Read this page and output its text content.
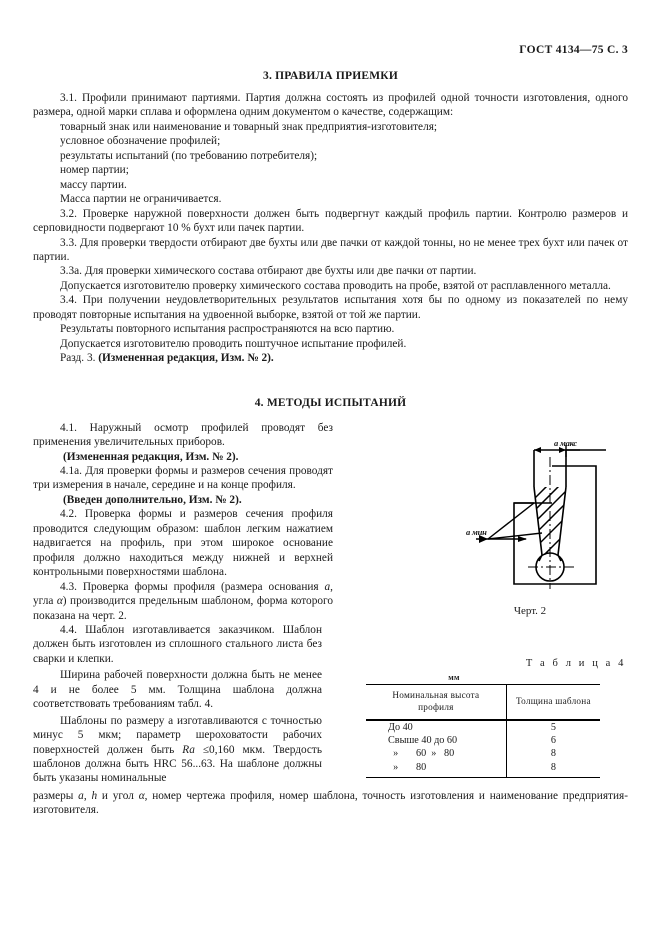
ГОСТ 4134—75 С. 3
3. ПРАВИЛА ПРИЕМКИ

3.1. Профили принимают партиями. Партия должна состоять из профилей одной точности изготовления, одного размера, одной марки сплава и оформлена одним документом о качестве, содержащим:

товарный знак или наименование и товарный знак предприятия-изготовителя;

условное обозначение профилей;

результаты испытаний (по требованию потребителя);

номер партии;

массу партии.

Масса партии не ограничивается.

3.2. Проверке наружной поверхности должен быть подвергнут каждый профиль партии. Контролю размеров и серповидности подвергают 10 % бухт или пачек партии.

3.3. Для проверки твердости отбирают две бухты или две пачки от каждой тонны, но не менее трех бухт или пачек от партии.

3.3а. Для проверки химического состава отбирают две бухты или две пачки от партии.

Допускается изготовителю проверку химического состава проводить на пробе, взятой от расплавленного металла.

3.4. При получении неудовлетворительных результатов испытания хотя бы по одному из показателей по нему проводят повторные испытания на удвоенной выборке, взятой от той же партии.

Результаты повторного испытания распространяются на всю партию.

Допускается изготовителю проводить поштучное испытание профилей.

Разд. 3. (Измененная редакция, Изм. № 2).

4. МЕТОДЫ ИСПЫТАНИЙ

4.1. Наружный осмотр профилей проводят без применения увеличительных приборов.

(Измененная редакция, Изм. № 2).

4.1а. Для проверки формы и размеров сечения проводят три измерения в начале, середине и на конце профиля.

(Введен дополнительно, Изм. № 2).

4.2. Проверка формы и размеров сечения профиля проводится следующим образом: шаблон легким нажатием надвигается на профиль, при этом широкое основание профиля должно находиться между нижней и верхней контрольными поверхностями шаблона.

4.3. Проверка формы профиля (размера основания a, угла α) производится предельным шаблоном, форма которого показана на черт. 2.

4.4. Шаблон изготавливается заказчиком. Шаблон должен быть изготовлен из сплошного стального листа без сварки и клепки.

Ширина рабочей поверхности должна быть не менее 4 и не более 5 мм. Толщина шаблона должна соответствовать требованиям табл. 4.

Шаблоны по размеру а изготавливаются с точностью минус 5 мкм; параметр шероховатости рабочих поверхностей должен быть Ra ≤0,160 мкм. Твердость шаблонов должна быть HRC 56...63. На шаблоне должны быть указаны номинальные

a макс
a мин
Черт. 2
Т а б л и ц а 4
мм
Номинальная высота
профиля	Толщина шаблона
До 40	5
Свыше 40 до 60	6
»       60  »   80	8
»       80	8

размеры a, h и угол α, номер чертежа профиля, номер шаблона, точность изготовления и наименование предприятия-изготовителя.
